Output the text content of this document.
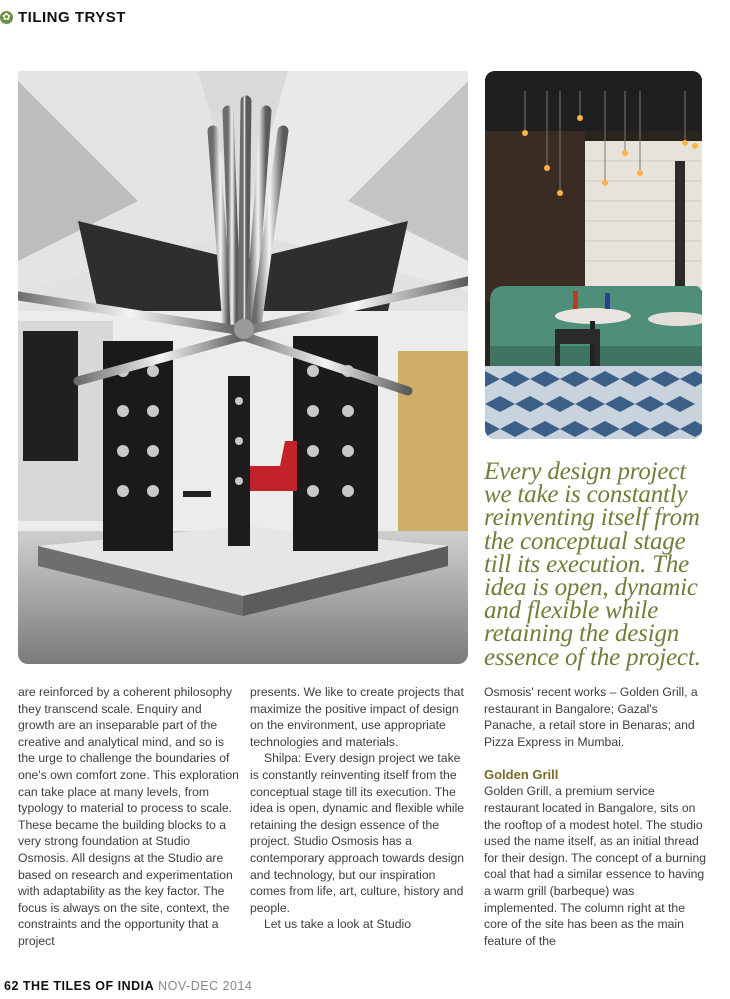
✿ TILING TRYST
Every design project we take is constantly reinventing itself from the conceptual stage till its execution. The idea is open, dynamic and flexible while retaining the design essence of the project.

are reinforced by a coherent philosophy they transcend scale. Enquiry and growth are an inseparable part of the creative and analytical mind, and so is the urge to challenge the boundaries of one's own comfort zone. This exploration can take place at many levels, from typology to material to process to scale. These became the building blocks to a very strong foundation at Studio Osmosis. All designs at the Studio are based on research and experimentation with adaptability as the key factor. The focus is always on the site, context, the constraints and the opportunity that a project

presents. We like to create projects that maximize the positive impact of design on the environment, use appropriate technologies and materials.

Shilpa: Every design project we take is constantly reinventing itself from the conceptual stage till its execution. The idea is open, dynamic and flexible while retaining the design essence of the project. Studio Osmosis has a contemporary approach towards design and technology, but our inspiration comes from life, art, culture, history and people.

Let us take a look at Studio

Osmosis' recent works – Golden Grill, a restaurant in Bangalore; Gazal's Panache, a retail store in Benaras; and Pizza Express in Mumbai.

Golden Grill

Golden Grill, a premium service restaurant located in Bangalore, sits on the rooftop of a modest hotel. The studio used the name itself, as an initial thread for their design. The concept of a burning coal that had a similar essence to having a warm grill (barbeque) was implemented. The column right at the core of the site has been as the main feature of the

62 THE TILES OF INDIA NOV-DEC 2014
